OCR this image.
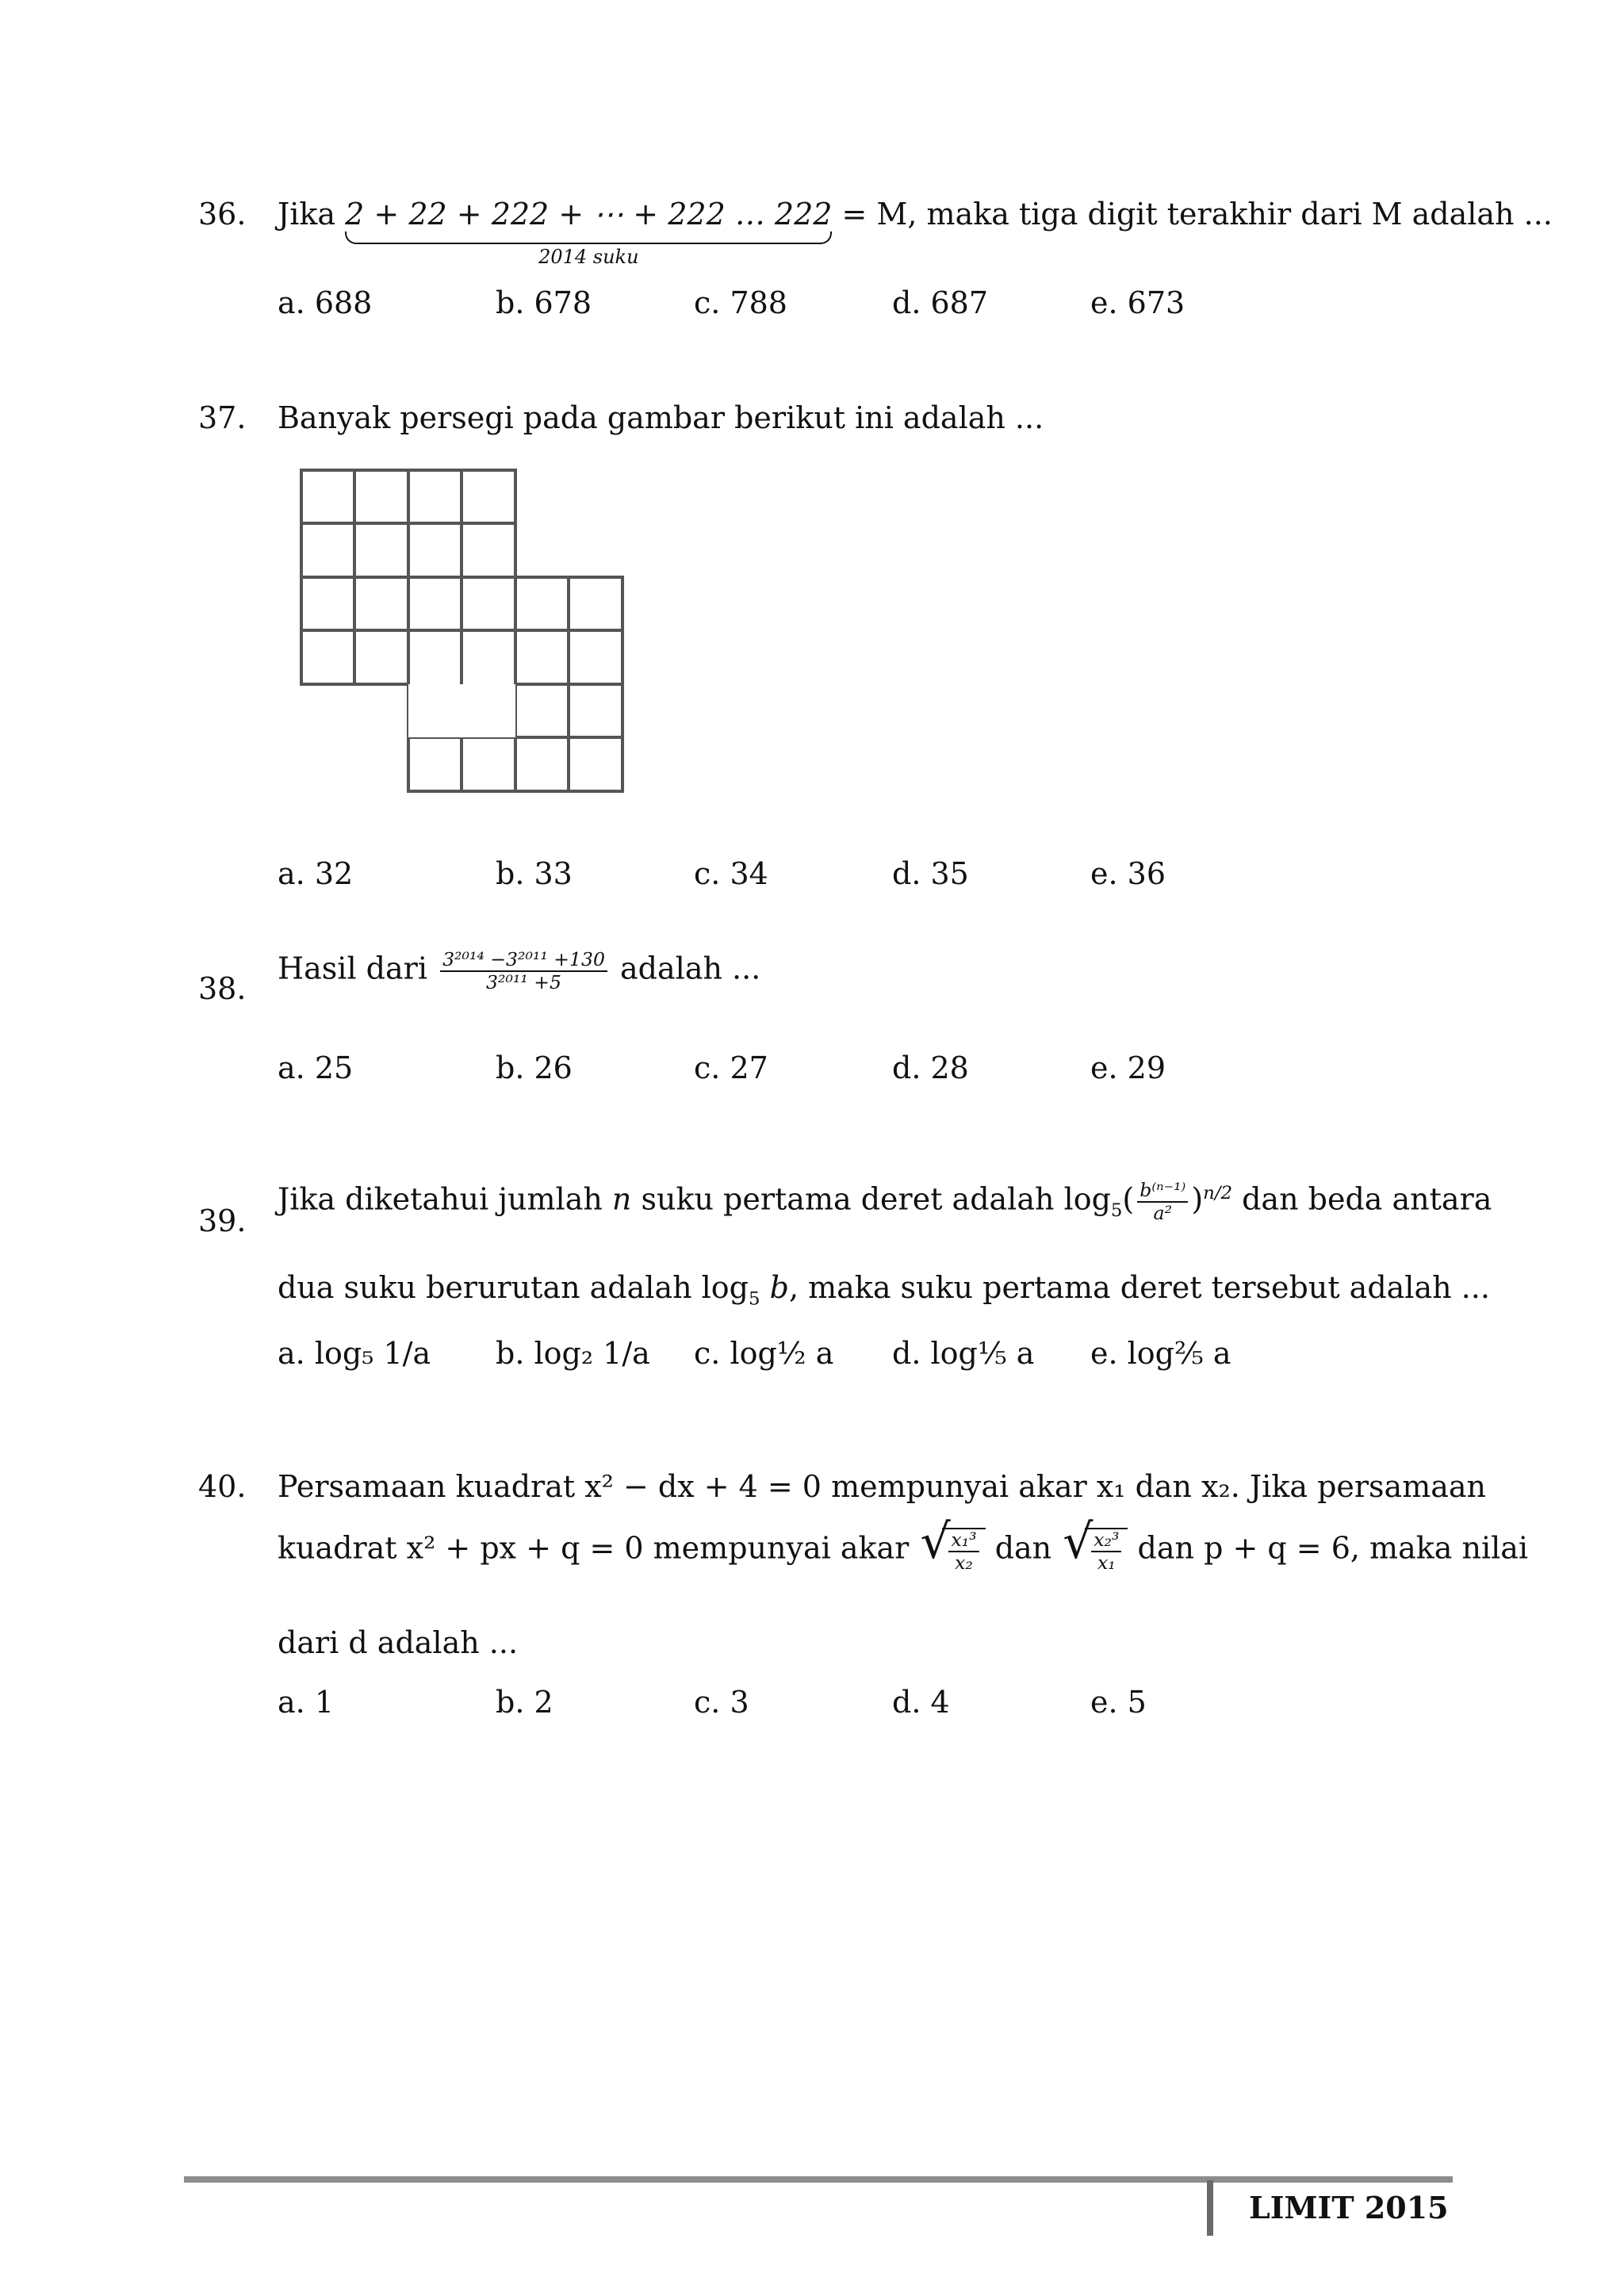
36. Jika 2 + 22 + 222 + ⋯ + 222 … 222
2014 suku
= M, maka tiga digit terakhir dari M adalah ...
a. 688	b. 678	c. 788	d. 687	e. 673
37. Banyak persegi pada gambar berikut ini adalah ...
a. 32	b. 33	c. 34	d. 35	e. 36
38.
Hasil dari $\frac{\text{3²⁰¹⁴ −3²⁰¹¹ +130}}{\text{3²⁰¹¹ +5}}$ adalah ...
a. 25	b. 26	c. 27	d. 28	e. 29
39.
Jika diketahui jumlah n suku pertama deret adalah $\log_5( \frac{\text{b⁽ⁿ⁻¹⁾}}{\text{a²}} )^{n/2}$ dan beda antara
dua suku berurutan adalah $\log_5 b$, maka suku pertama deret tersebut adalah ...
a. log₅ 1/a b. log₂ 1/a c. log½ a d. log⅕ a e. log⅖ a
40. Persamaan kuadrat x² − dx + 4 = 0 mempunyai akar x₁ dan x₂. Jika persamaan
kuadrat x² + px + q = 0 mempunyai akar √ $\frac{\text{x₁³}}{\text{x₂}}$ dan √ $\frac{\text{x₂³}}{\text{x₁}}$ dan p + q = 6, maka nilai
dari d adalah ...
a. 1	b. 2	c. 3	d. 4	e. 5
LIMIT 2015
